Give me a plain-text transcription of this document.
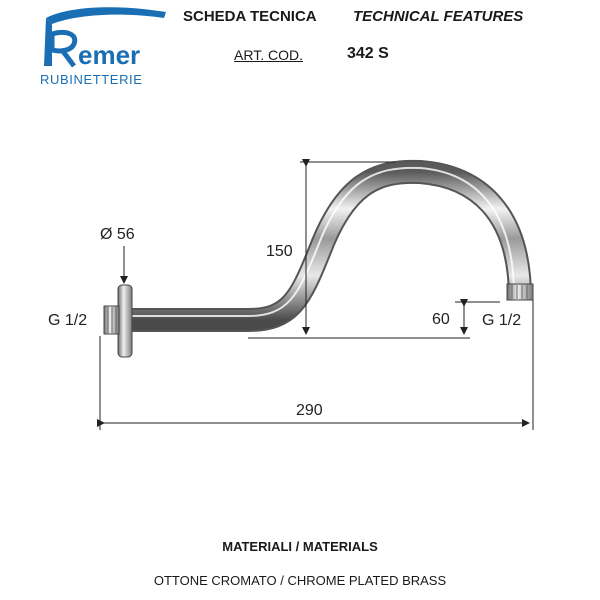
emer
RUBINETTERIE
SCHEDA TECNICA TECHNICAL FEATURES
ART. COD.	342 S
Ø 56
G 1/2
150
60 G 1/2
290
MATERIALI / MATERIALS
OTTONE CROMATO / CHROME PLATED BRASS
